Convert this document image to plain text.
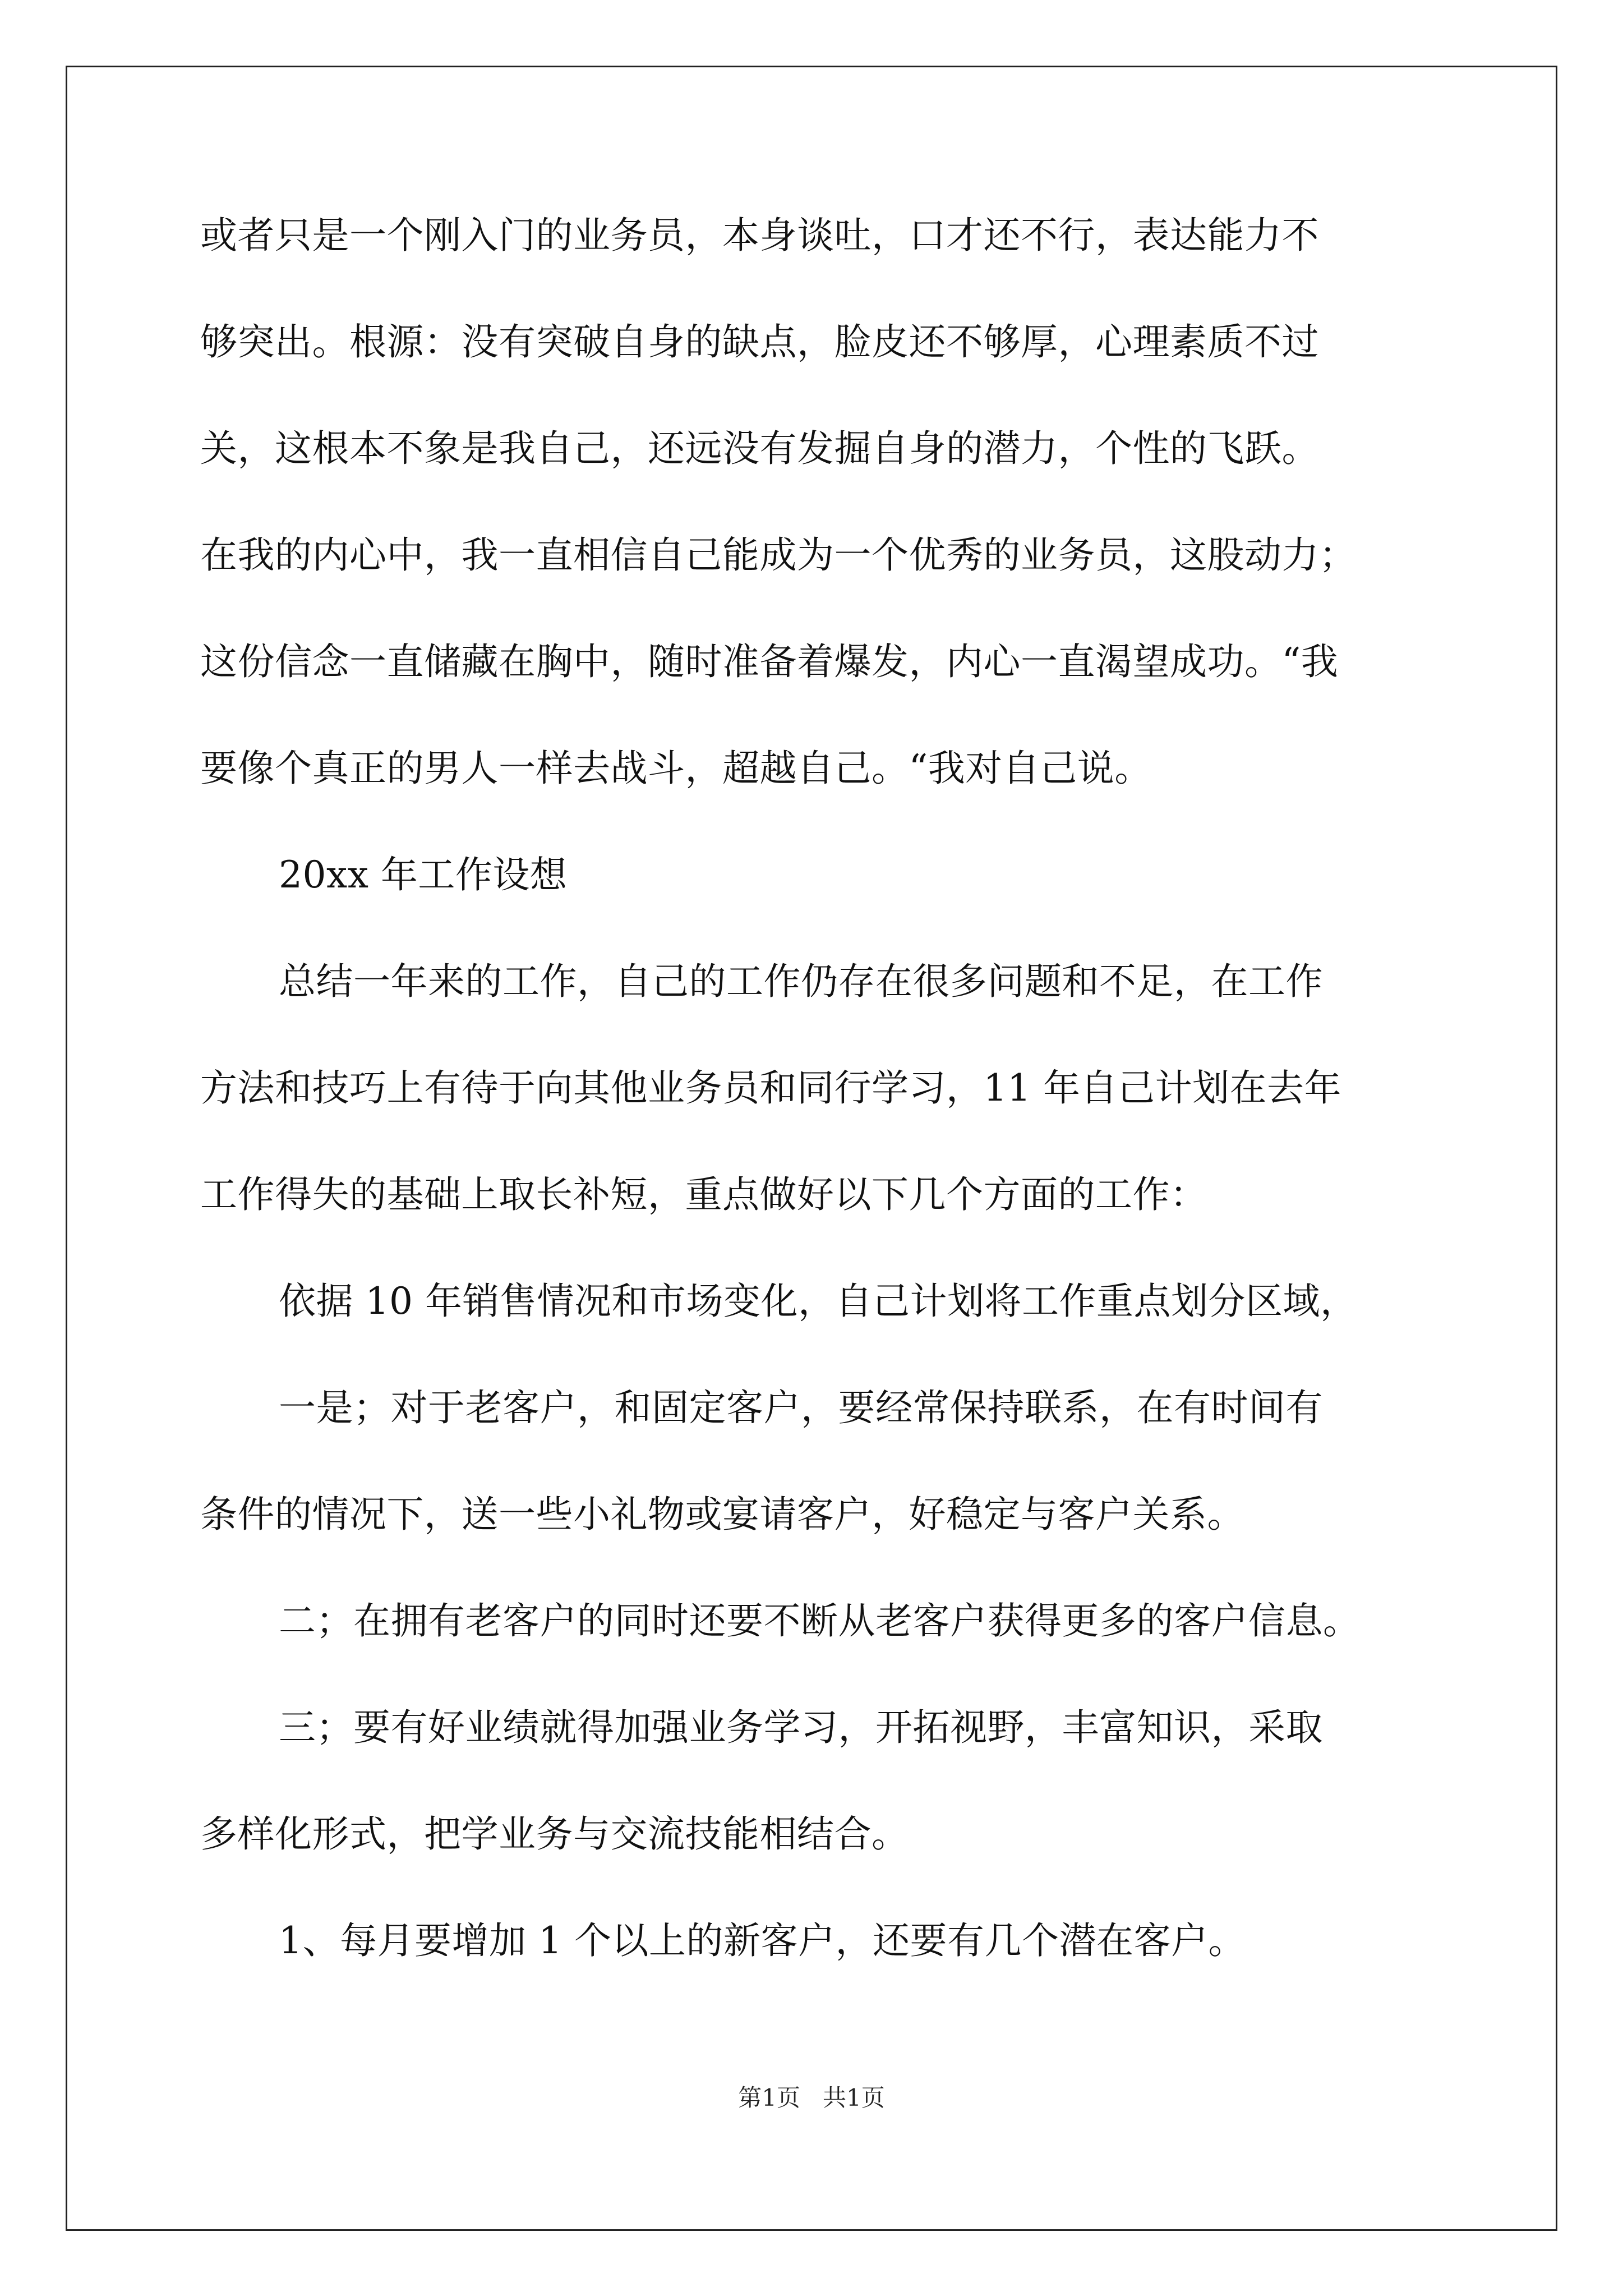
或者只是一个刚入门的业务员，本身谈吐，口才还不行，表达能力不
够突出。根源：没有突破自身的缺点，脸皮还不够厚，心理素质不过
关，这根本不象是我自己，还远没有发掘自身的潜力，个性的飞跃。
在我的内心中，我一直相信自己能成为一个优秀的业务员，这股动力；
这份信念一直储藏在胸中，随时准备着爆发，内心一直渴望成功。“我
要像个真正的男人一样去战斗，超越自己。“我对自己说。
20xx 年工作设想
总结一年来的工作，自己的工作仍存在很多问题和不足，在工作
方法和技巧上有待于向其他业务员和同行学习，11 年自己计划在去年
工作得失的基础上取长补短，重点做好以下几个方面的工作：
依据 10 年销售情况和市场变化，自己计划将工作重点划分区域，
一是；对于老客户，和固定客户，要经常保持联系，在有时间有
条件的情况下，送一些小礼物或宴请客户，好稳定与客户关系。
二；在拥有老客户的同时还要不断从老客户获得更多的客户信息。
三；要有好业绩就得加强业务学习，开拓视野，丰富知识，采取
多样化形式，把学业务与交流技能相结合。
1、每月要增加 1 个以上的新客户，还要有几个潜在客户。
第1页   共1页
